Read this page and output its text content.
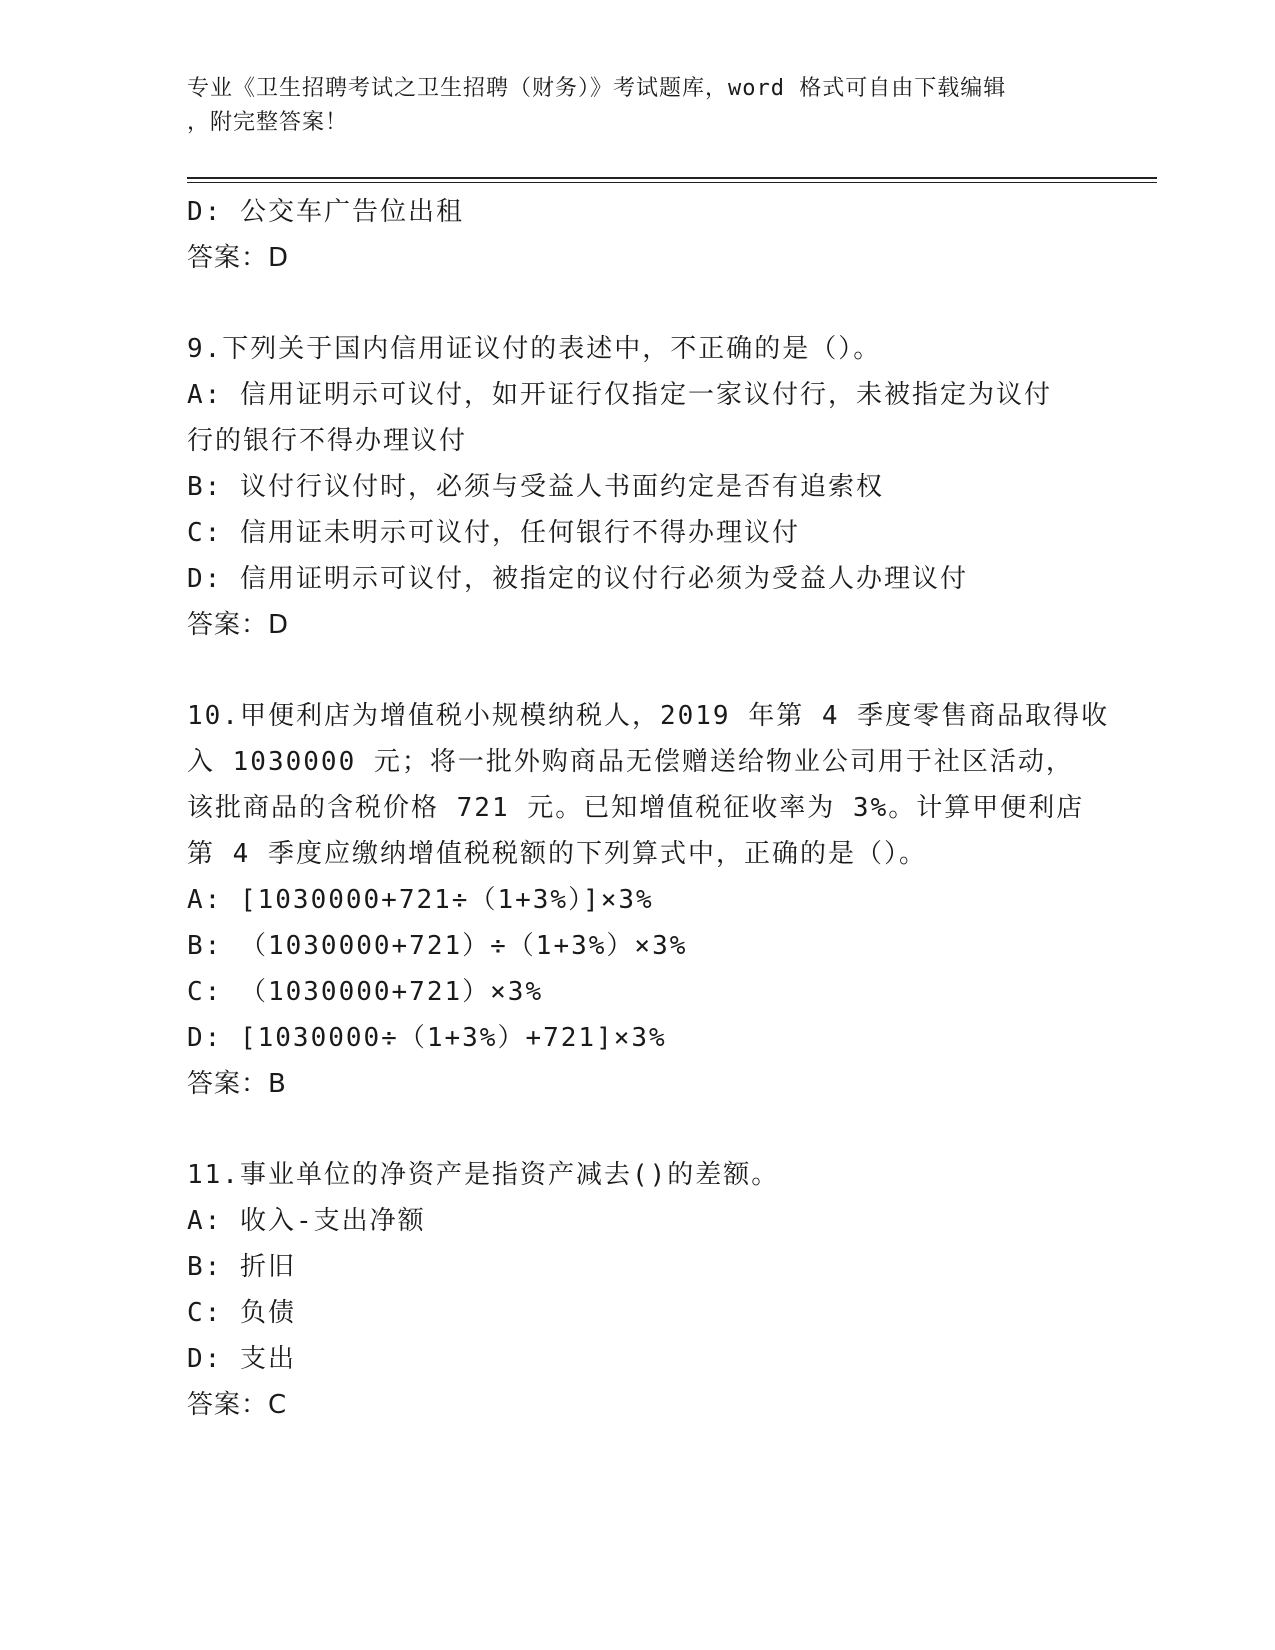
专业《卫生招聘考试之卫生招聘（财务）》考试题库，word 格式可自由下载编辑
，附完整答案！
D: 公交车广告位出租
答案：D
9.下列关于国内信用证议付的表述中，不正确的是（）。
A: 信用证明示可议付，如开证行仅指定一家议付行，未被指定为议付
行的银行不得办理议付
B: 议付行议付时，必须与受益人书面约定是否有追索权
C: 信用证未明示可议付，任何银行不得办理议付
D: 信用证明示可议付，被指定的议付行必须为受益人办理议付
答案：D
10.甲便利店为增值税小规模纳税人，2019 年第 4 季度零售商品取得收
入 1030000 元；将一批外购商品无偿赠送给物业公司用于社区活动，
该批商品的含税价格 721 元。已知增值税征收率为 3%。计算甲便利店
第 4 季度应缴纳增值税税额的下列算式中，正确的是（）。
A: [1030000+721÷（1+3%）]×3%
B: （1030000+721）÷（1+3%）×3%
C: （1030000+721）×3%
D: [1030000÷（1+3%）+721]×3%
答案：B
11.事业单位的净资产是指资产减去()的差额。
A: 收入-支出净额
B: 折旧
C: 负债
D: 支出
答案：C
